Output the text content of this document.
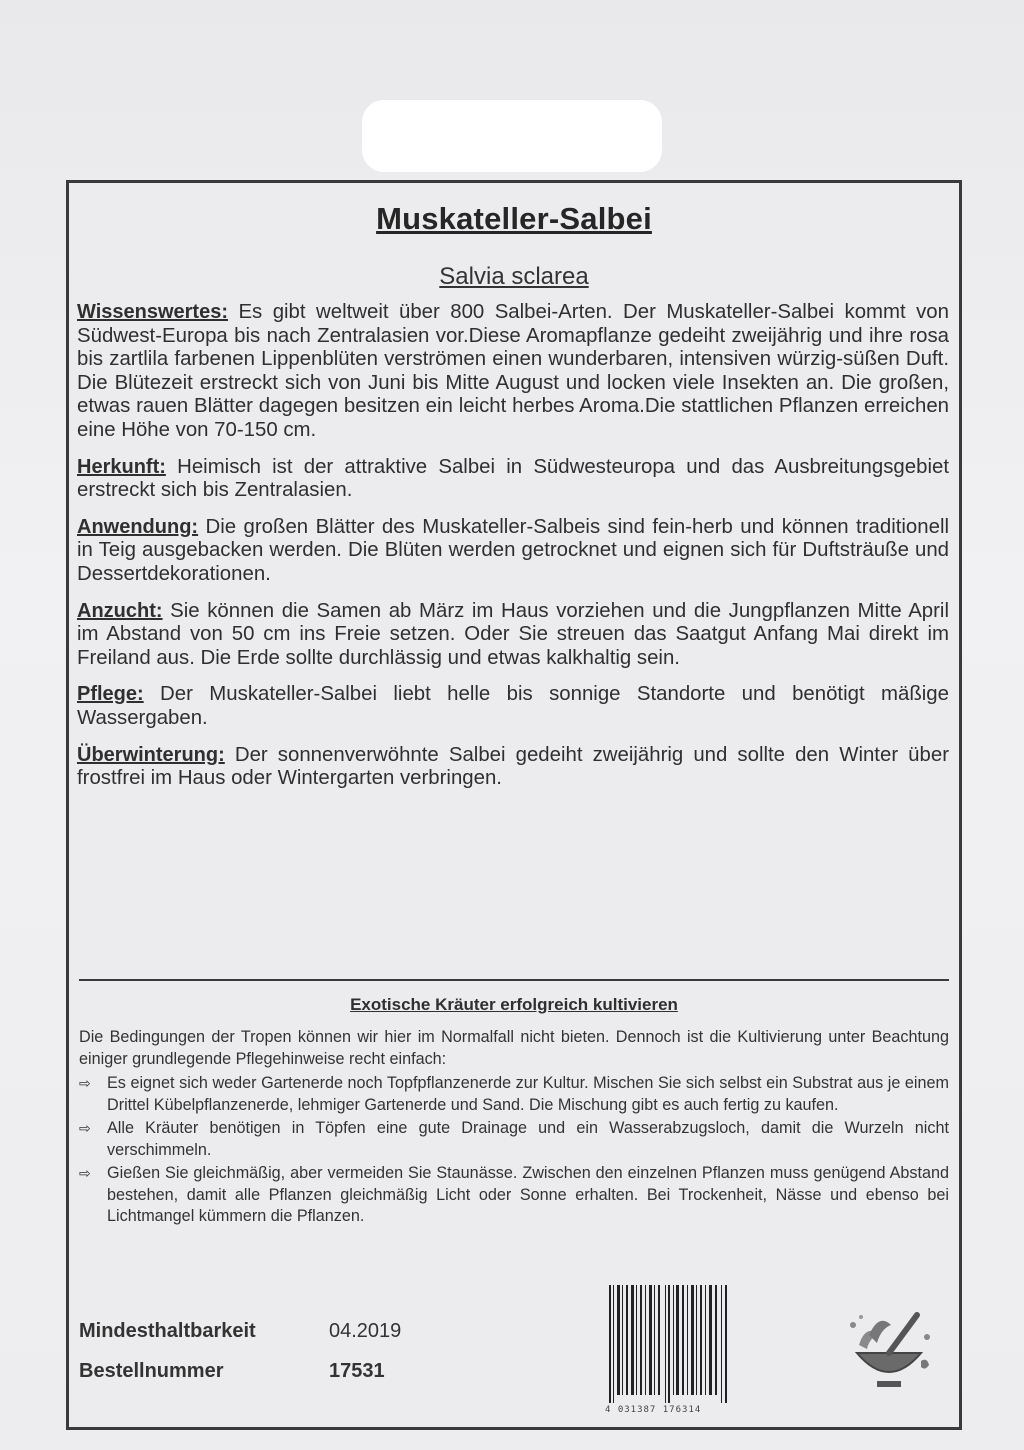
Muskateller-Salbei
Salvia sclarea

Wissenswertes: Es gibt weltweit über 800 Salbei-Arten. Der Muskateller-Salbei kommt von Südwest-Europa bis nach Zentralasien vor.Diese Aromapflanze gedeiht zweijährig und ihre rosa bis zartlila farbenen Lippenblüten verströmen einen wunderbaren, intensiven würzig-süßen Duft. Die Blütezeit erstreckt sich von Juni bis Mitte August und locken viele Insekten an. Die großen, etwas rauen Blätter dagegen besitzen ein leicht herbes Aroma.Die stattlichen Pflanzen erreichen eine Höhe von 70-150 cm.

Herkunft: Heimisch ist der attraktive Salbei in Südwesteuropa und das Ausbreitungsgebiet erstreckt sich bis Zentralasien.

Anwendung: Die großen Blätter des Muskateller-Salbeis sind fein-herb und können traditionell in Teig ausgebacken werden. Die Blüten werden getrocknet und eignen sich für Duftsträuße und Dessertdekorationen.

Anzucht: Sie können die Samen ab März im Haus vorziehen und die Jungpflanzen Mitte April im Abstand von 50 cm ins Freie setzen. Oder Sie streuen das Saatgut Anfang Mai direkt im Freiland aus. Die Erde sollte durchlässig und etwas kalkhaltig sein.

Pflege: Der Muskateller-Salbei liebt helle bis sonnige Standorte und benötigt mäßige Wassergaben.

Überwinterung: Der sonnenverwöhnte Salbei gedeiht zweijährig und sollte den Winter über frostfrei im Haus oder Wintergarten verbringen.

Exotische Kräuter erfolgreich kultivieren
Die Bedingungen der Tropen können wir hier im Normalfall nicht bieten. Dennoch ist die Kultivierung unter Beachtung einiger grundlegende Pflegehinweise recht einfach:
⇨	Es eignet sich weder Gartenerde noch Topfpflanzenerde zur Kultur. Mischen Sie sich selbst ein Substrat aus je einem Drittel Kübelpflanzenerde, lehmiger Gartenerde und Sand. Die Mischung gibt es auch fertig zu kaufen.
⇨	Alle Kräuter benötigen in Töpfen eine gute Drainage und ein Wasserabzugsloch, damit die Wurzeln nicht verschimmeln.
⇨	Gießen Sie gleichmäßig, aber vermeiden Sie Staunässe. Zwischen den einzelnen Pflanzen muss genügend Abstand bestehen, damit alle Pflanzen gleichmäßig Licht oder Sonne erhalten. Bei Trockenheit, Nässe und ebenso bei Lichtmangel kümmern die Pflanzen.
Mindesthaltbarkeit	04.2019
Bestellnummer	17531
4 031387 176314
